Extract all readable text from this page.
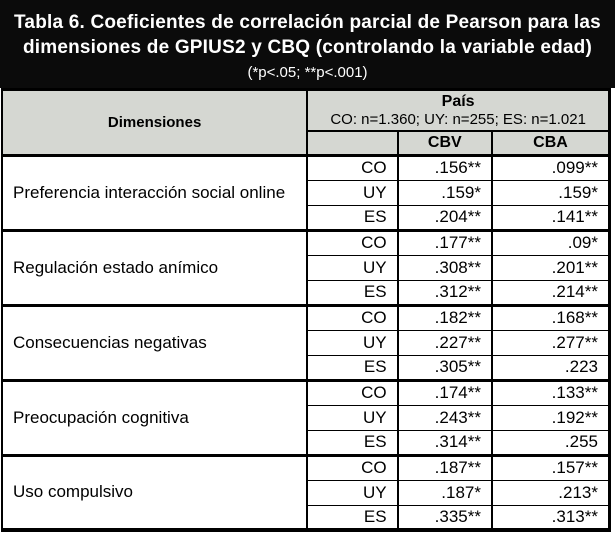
Tabla 6. Coeficientes de correlación parcial de Pearson para las
dimensiones de GPIUS2 y CBQ (controlando la variable edad)
(*p<.05; **p<.001)
Dimensiones	País
CO: n=1.360; UY: n=255; ES: n=1.021		

		CBV	CBA
Preferencia interacción social online	CO	.156**	.099**
	UY	.159*	.159*
	ES	.204**	.141**
Regulación estado anímico	CO	.177**	.09*
	UY	.308**	.201**
	ES	.312**	.214**
Consecuencias negativas	CO	.182**	.168**
	UY	.227**	.277**
	ES	.305**	.223
Preocupación cognitiva	CO	.174**	.133**
	UY	.243**	.192**
	ES	.314**	.255
Uso compulsivo	CO	.187**	.157**
	UY	.187*	.213*
	ES	.335**	.313**
